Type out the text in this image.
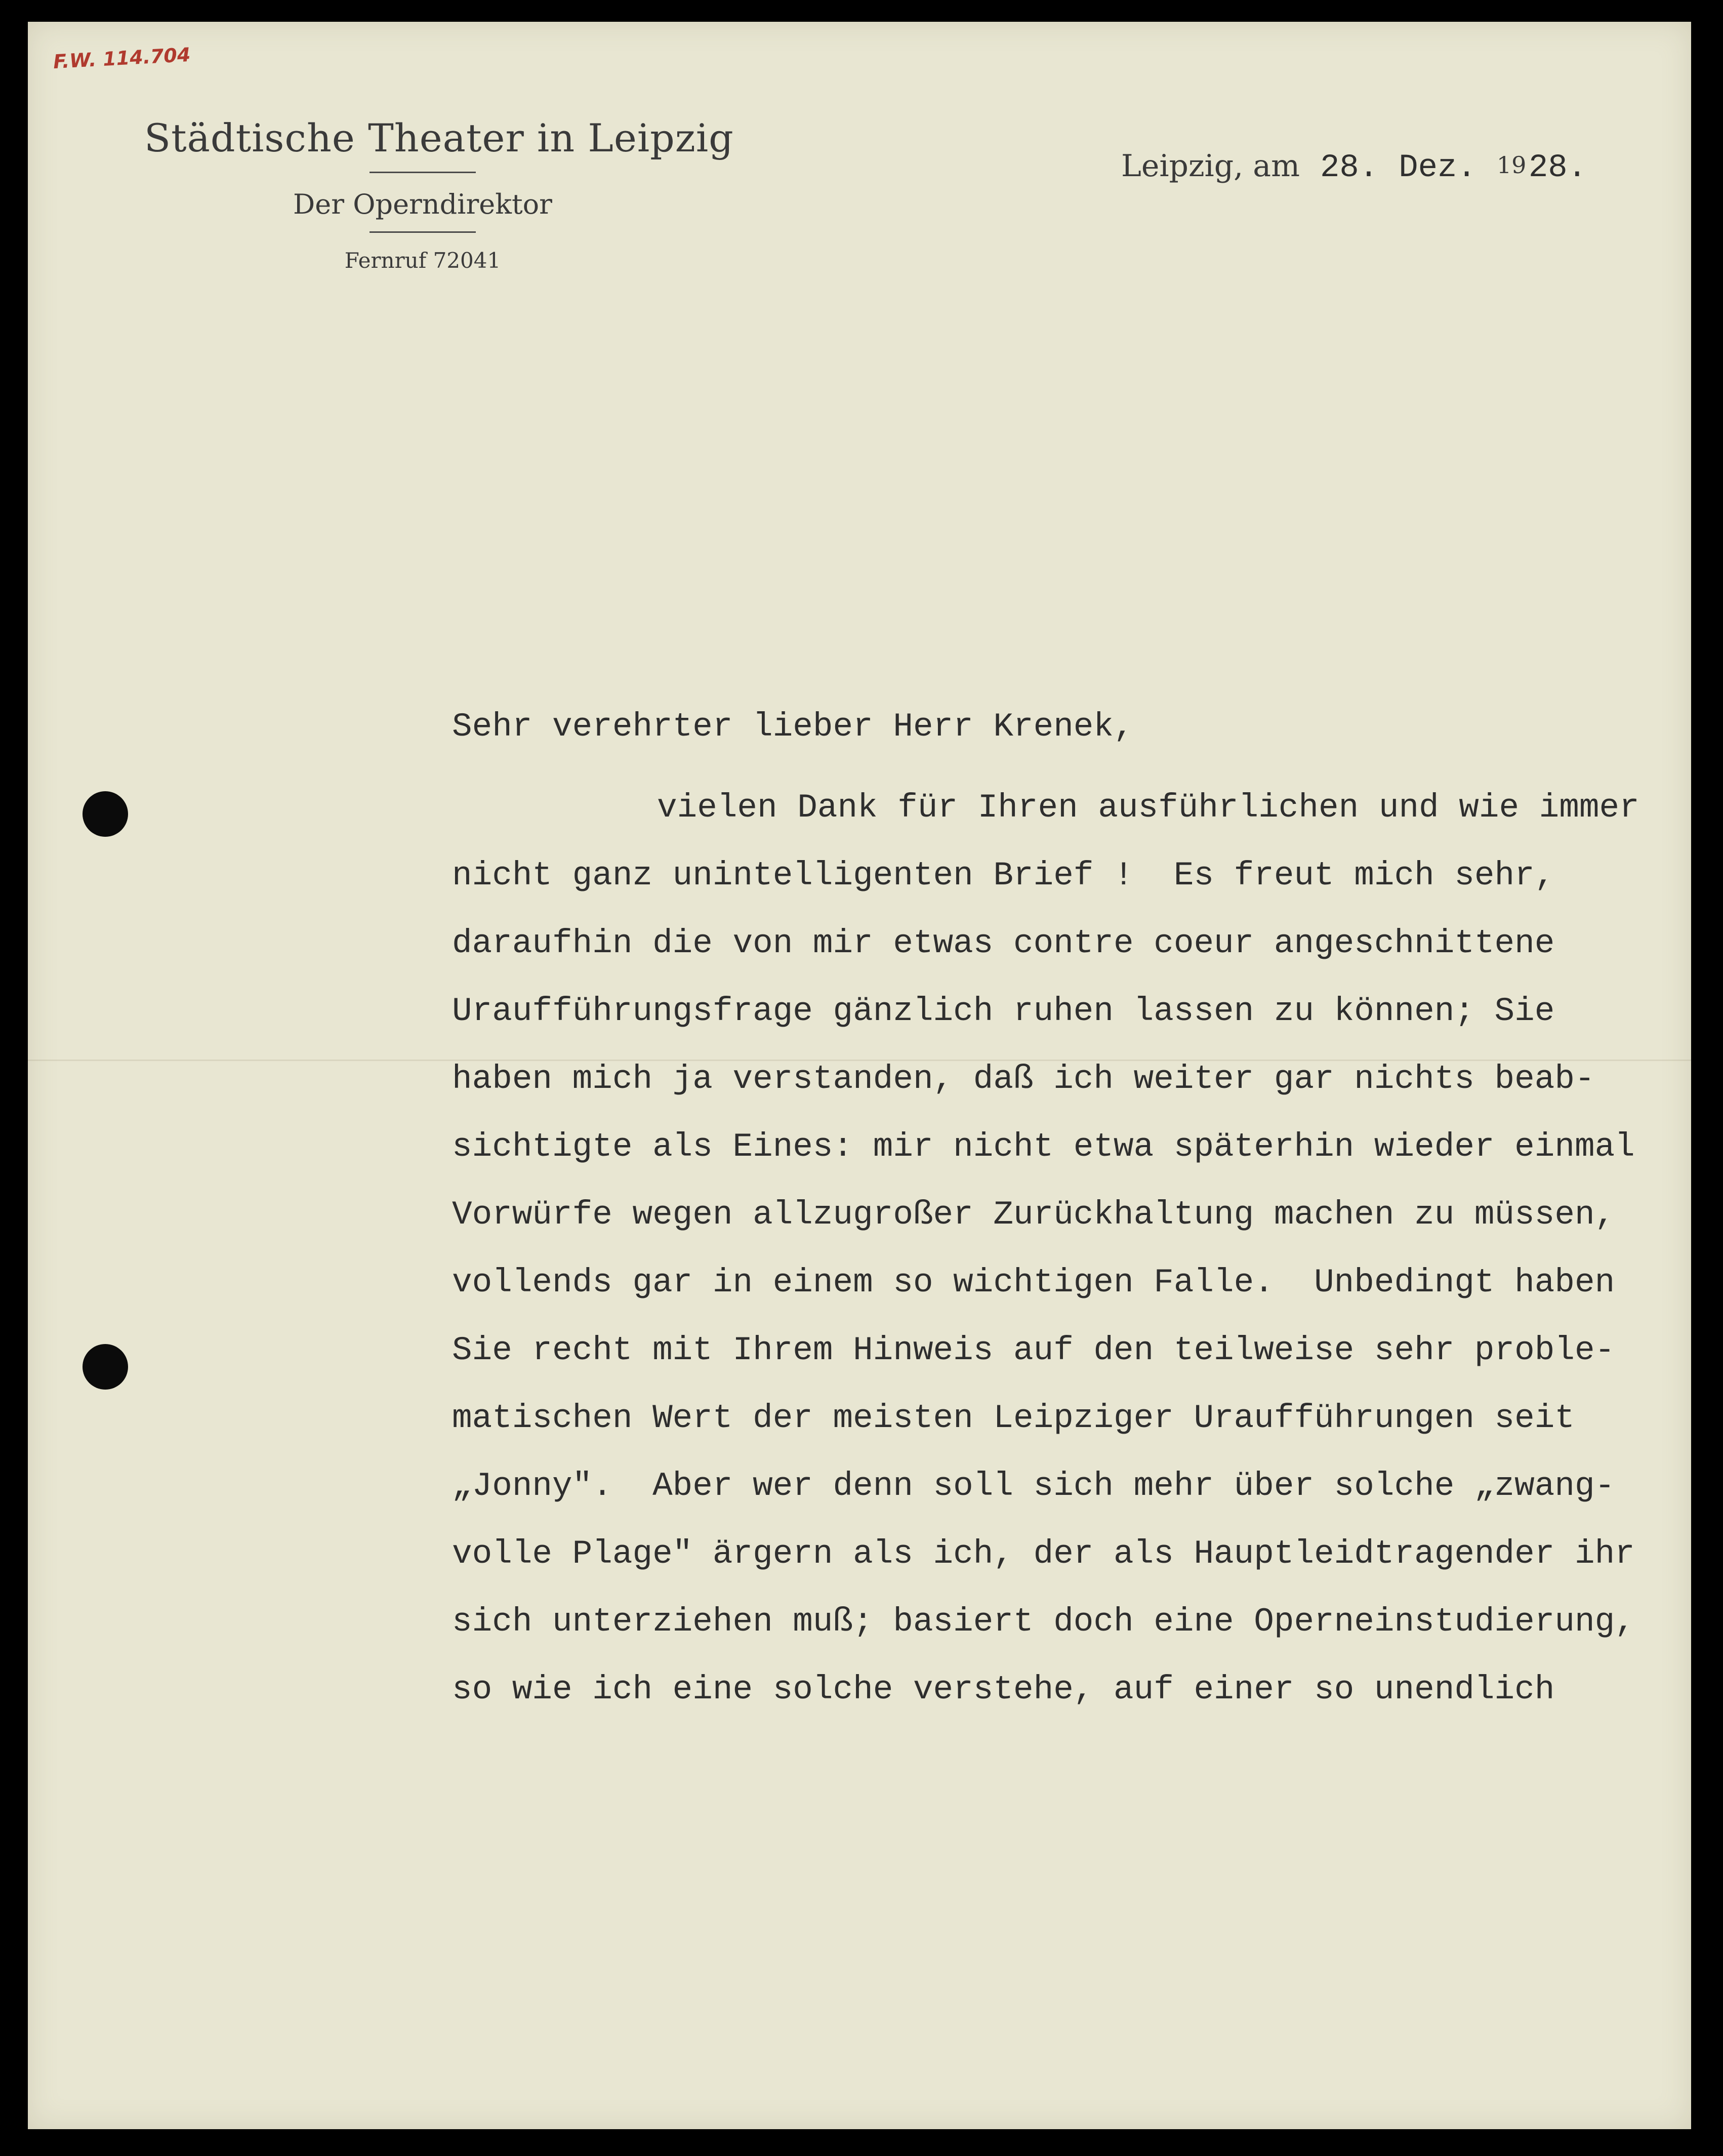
F.W. 114.704
Städtische Theater in Leipzig
Der Operndirektor
Fernruf 72041
Leipzig, am 28. Dez. 19 28.

Sehr verehrter lieber Herr Krenek,

vielen Dank für Ihren ausführlichen und wie immer

nicht ganz unintelligenten Brief !  Es freut mich sehr,

daraufhin die von mir etwas contre coeur angeschnittene

Uraufführungsfrage gänzlich ruhen lassen zu können; Sie

haben mich ja verstanden, daß ich weiter gar nichts beab-

sichtigte als Eines: mir nicht etwa späterhin wieder einmal

Vorwürfe wegen allzugroßer Zurückhaltung machen zu müssen,

vollends gar in einem so wichtigen Falle.  Unbedingt haben

Sie recht mit Ihrem Hinweis auf den teilweise sehr proble-

matischen Wert der meisten Leipziger Uraufführungen seit

„Jonny".  Aber wer denn soll sich mehr über solche „zwang-

volle Plage" ärgern als ich, der als Hauptleidtragender ihr

sich unterziehen muß; basiert doch eine Operneinstudierung,

so wie ich eine solche verstehe, auf einer so unendlich
